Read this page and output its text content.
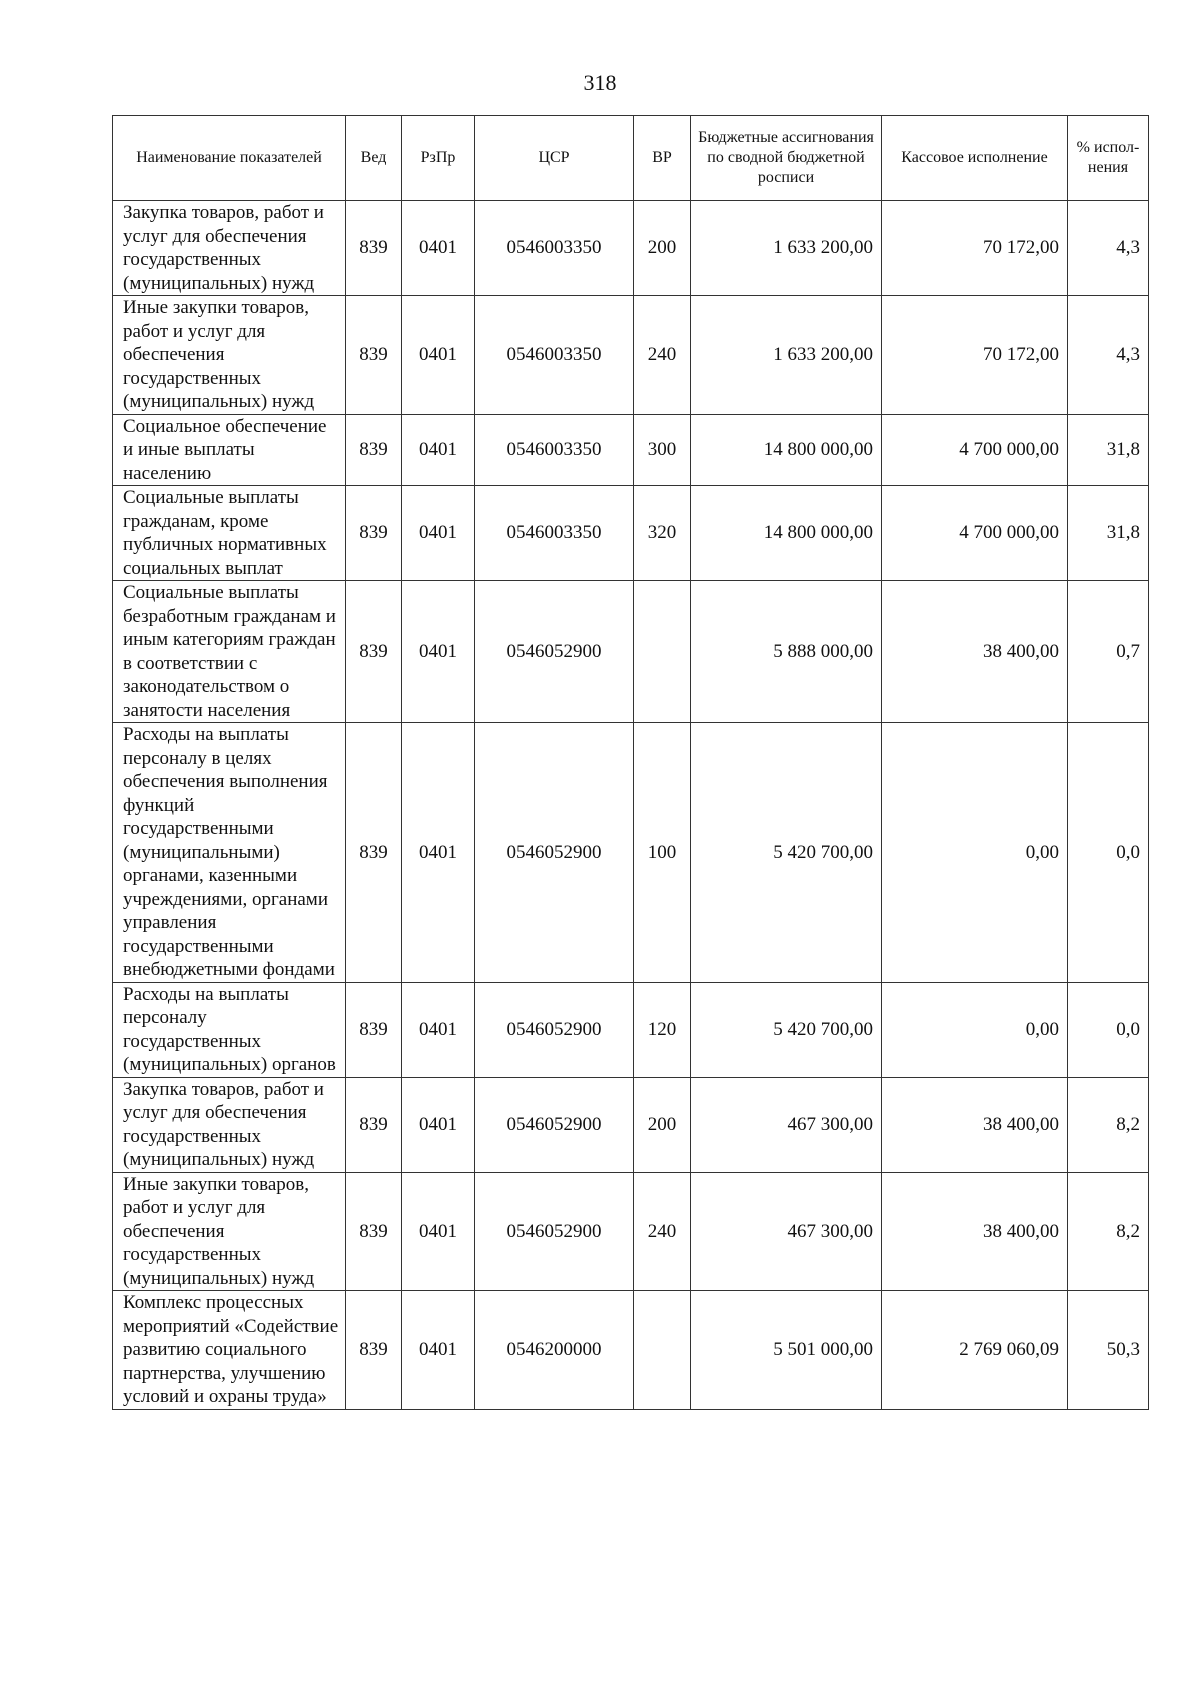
318
Наименование показателей	Вед	РзПр	ЦСР	ВР	Бюджетные ассигнования по сводной бюджетной росписи	Кассовое исполнение	% испол-нения
Закупка товаров, работ и услуг для обеспечения государственных (муниципальных) нужд	839	0401	0546003350	200	1 633 200,00	70 172,00	4,3
Иные закупки товаров, работ и услуг для обеспечения государственных (муниципальных) нужд	839	0401	0546003350	240	1 633 200,00	70 172,00	4,3
Социальное обеспечение и иные выплаты населению	839	0401	0546003350	300	14 800 000,00	4 700 000,00	31,8
Социальные выплаты гражданам, кроме публичных нормативных социальных выплат	839	0401	0546003350	320	14 800 000,00	4 700 000,00	31,8
Социальные выплаты безработным гражданам и иным категориям граждан в соответствии с законодательством о занятости населения	839	0401	0546052900		5 888 000,00	38 400,00	0,7
Расходы на выплаты персоналу в целях обеспечения выполнения функций государственными (муниципальными) органами, казенными учреждениями, органами управления государственными внебюджетными фондами	839	0401	0546052900	100	5 420 700,00	0,00	0,0
Расходы на выплаты персоналу государственных (муниципальных) органов	839	0401	0546052900	120	5 420 700,00	0,00	0,0
Закупка товаров, работ и услуг для обеспечения государственных (муниципальных) нужд	839	0401	0546052900	200	467 300,00	38 400,00	8,2
Иные закупки товаров, работ и услуг для обеспечения государственных (муниципальных) нужд	839	0401	0546052900	240	467 300,00	38 400,00	8,2
Комплекс процессных мероприятий «Содействие развитию социального партнерства, улучшению условий и охраны труда»	839	0401	0546200000		5 501 000,00	2 769 060,09	50,3
